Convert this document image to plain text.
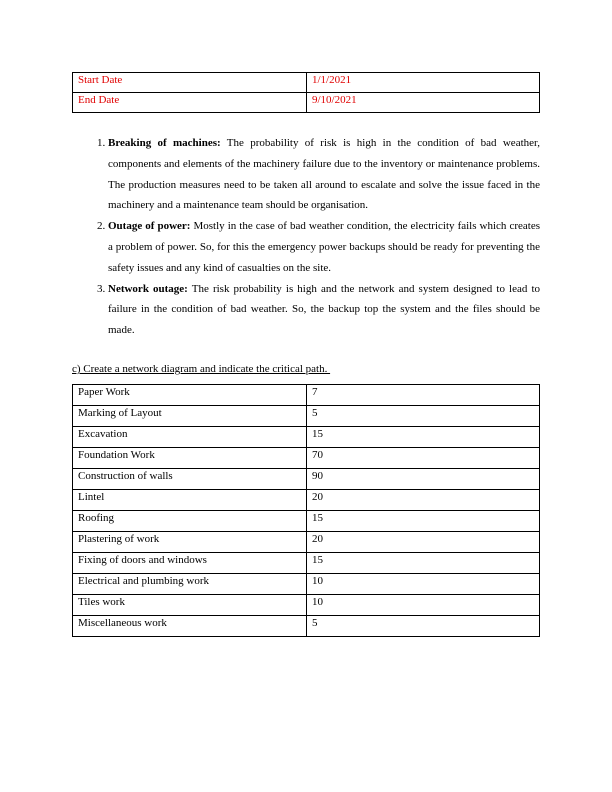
Start Date	1/1/2021
End Date	9/10/2021
1. Breaking of machines: The probability of risk is high in the condition of bad weather, components and elements of the machinery failure due to the inventory or maintenance problems. The production measures need to be taken all around to escalate and solve the issue faced in the machinery and a maintenance team should be organisation.
2. Outage of power: Mostly in the case of bad weather condition, the electricity fails which creates a problem of power. So, for this the emergency power backups should be ready for preventing the safety issues and any kind of casualties on the site.
3. Network outage: The risk probability is high and the network and system designed to lead to failure in the condition of bad weather. So, the backup top the system and the files should be made.

c) Create a network diagram and indicate the critical path.

Paper Work	7
Marking of Layout	5
Excavation	15
Foundation Work	70
Construction of walls	90
Lintel	20
Roofing	15
Plastering of work	20
Fixing of doors and windows	15
Electrical and plumbing work	10
Tiles work	10
Miscellaneous work	5
